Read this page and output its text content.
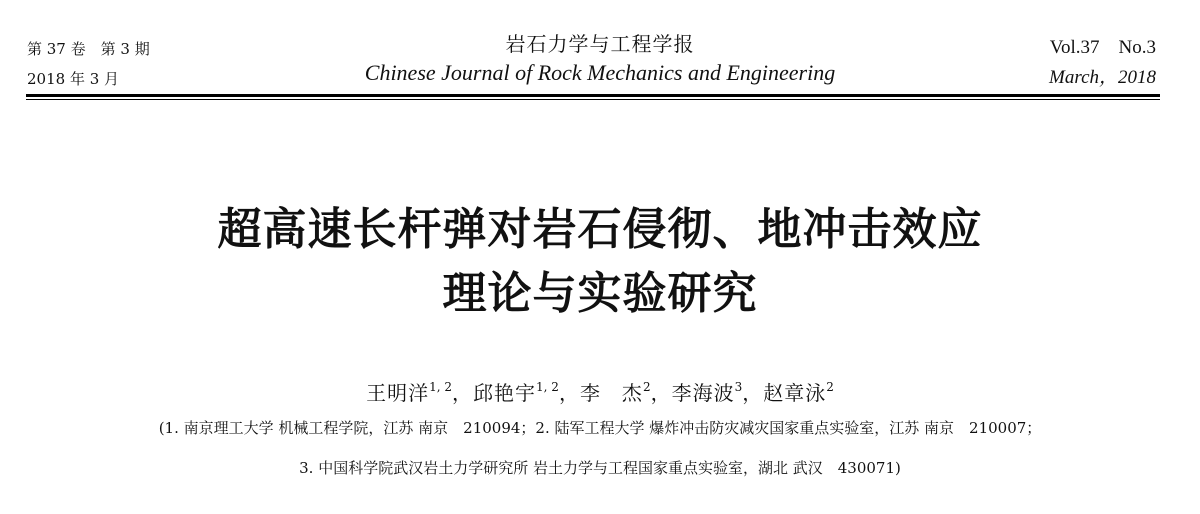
第 37 卷　第 3 期
2018 年 3 月
岩石力学与工程学报
Chinese Journal of Rock Mechanics and Engineering
Vol.37　No.3
March，2018
超高速长杆弹对岩石侵彻、地冲击效应
理论与实验研究
王明洋$^{1, 2}$，邱艳宇$^{1, 2}$，李　杰$^2$，李海波$^3$，赵章泳$^2$
(1. 南京理工大学 机械工程学院，江苏 南京　210094；2. 陆军工程大学 爆炸冲击防灾减灾国家重点实验室，江苏 南京　210007；
3. 中国科学院武汉岩土力学研究所 岩土力学与工程国家重点实验室，湖北 武汉　430071)
